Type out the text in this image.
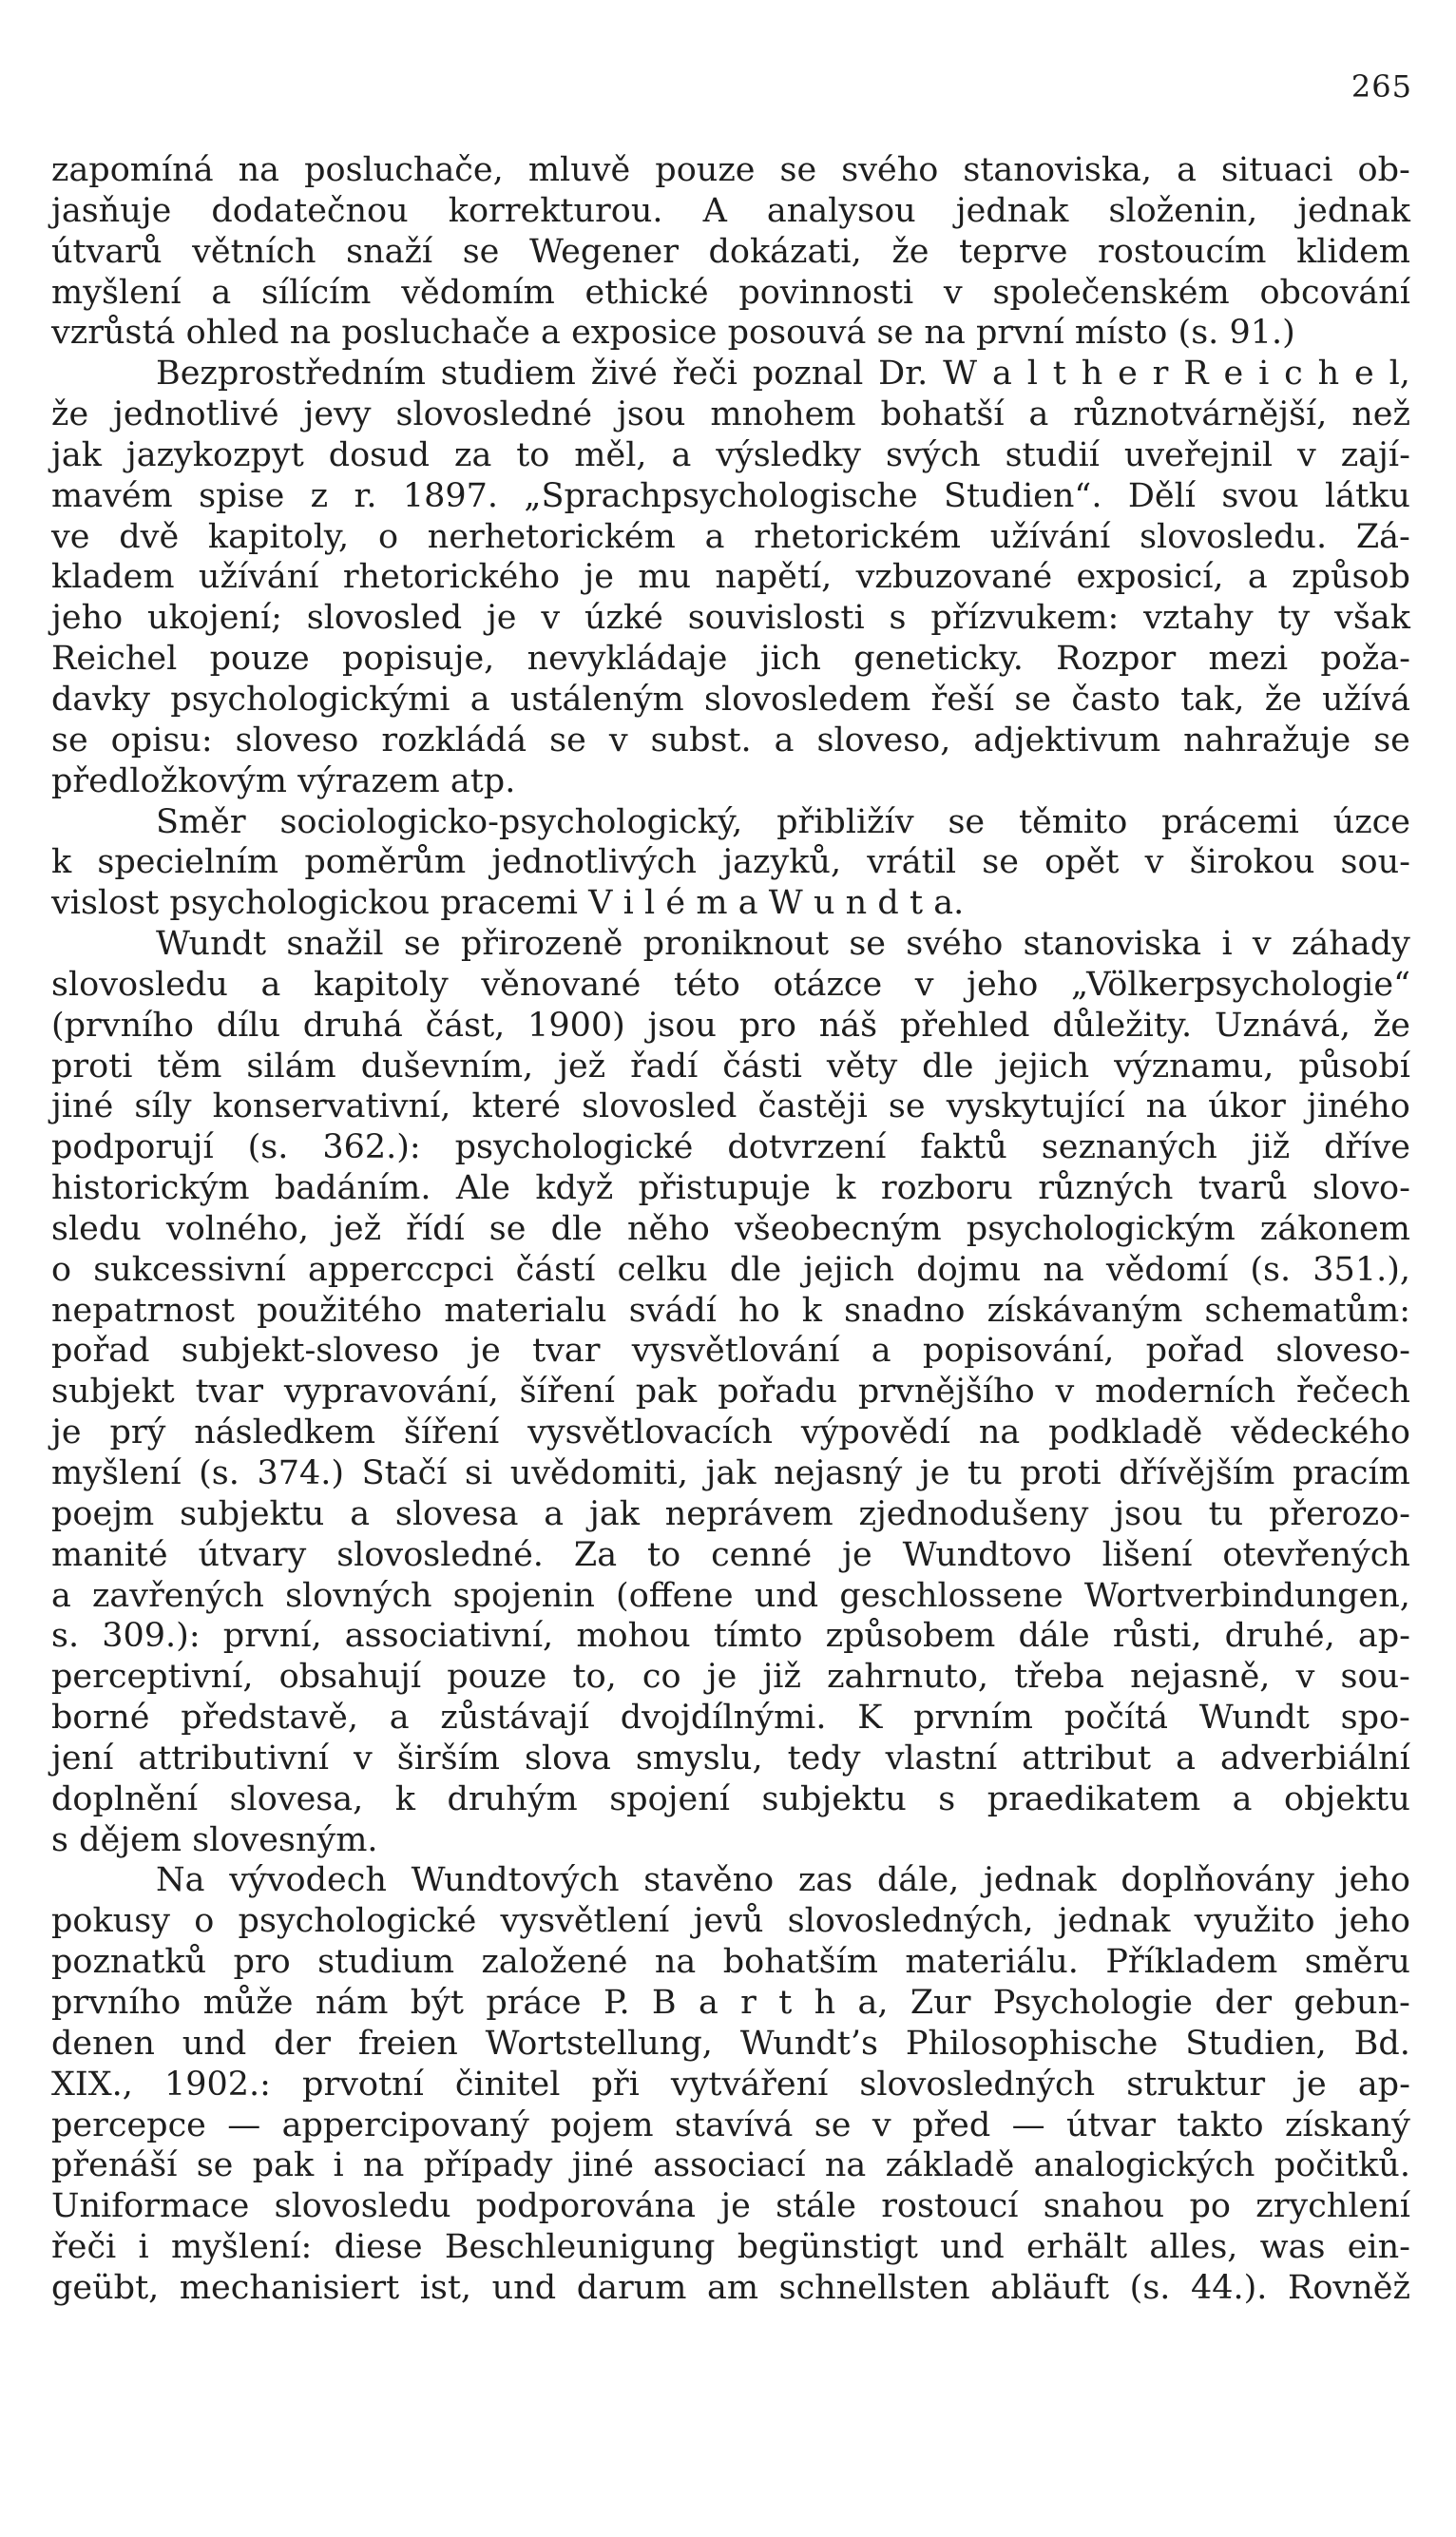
265
zapomíná na posluchače, mluvě pouze se svého stanoviska, a situaci ob-
jasňuje dodatečnou korrekturou. A analysou jednak složenin, jednak
útvarů větních snaží se Wegener dokázati, že teprve rostoucím klidem
myšlení a sílícím vědomím ethické povinnosti v společenském obcování
vzrůstá ohled na posluchače a exposice posouvá se na první místo (s. 91.)
Bezprostředním studiem živé řeči poznal Dr. W a l t h e r R e i c h e l,
že jednotlivé jevy slovosledné jsou mnohem bohatší a různotvárnější, než
jak jazykozpyt dosud za to měl, a výsledky svých studií uveřejnil v zají-
mavém spise z r. 1897. „Sprachpsychologische Studien“. Dělí svou látku
ve dvě kapitoly, o nerhetorickém a rhetorickém užívání slovosledu. Zá-
kladem užívání rhetorického je mu napětí, vzbuzované exposicí, a způsob
jeho ukojení; slovosled je v úzké souvislosti s přízvukem: vztahy ty však
Reichel pouze popisuje, nevykládaje jich geneticky. Rozpor mezi poža-
davky psychologickými a ustáleným slovosledem řeší se často tak, že užívá
se opisu: sloveso rozkládá se v subst. a sloveso, adjektivum nahražuje se
předložkovým výrazem atp.
Směr sociologicko-psychologický, přibližív se těmito prácemi úzce
k specielním poměrům jednotlivých jazyků, vrátil se opět v širokou sou-
vislost psychologickou pracemi V i l é m a W u n d t a.
Wundt snažil se přirozeně proniknout se svého stanoviska i v záhady
slovosledu a kapitoly věnované této otázce v jeho „Völkerpsychologie“
(prvního dílu druhá část, 1900) jsou pro náš přehled důležity. Uznává, že
proti těm silám duševním, jež řadí části věty dle jejich významu, působí
jiné síly konservativní, které slovosled častěji se vyskytující na úkor jiného
podporují (s. 362.): psychologické dotvrzení faktů seznaných již dříve
historickým badáním. Ale když přistupuje k rozboru různých tvarů slovo-
sledu volného, jež řídí se dle něho všeobecným psychologickým zákonem
o sukcessivní apperccpci částí celku dle jejich dojmu na vědomí (s. 351.),
nepatrnost použitého materialu svádí ho k snadno získávaným schematům:
pořad subjekt-sloveso je tvar vysvětlování a popisování, pořad sloveso-
subjekt tvar vypravování, šíření pak pořadu prvnějšího v moderních řečech
je prý následkem šíření vysvětlovacích výpovědí na podkladě vědeckého
myšlení (s. 374.) Stačí si uvědomiti, jak nejasný je tu proti dřívějším pracím
poejm subjektu a slovesa a jak neprávem zjednodušeny jsou tu přerozo-
manité útvary slovosledné. Za to cenné je Wundtovo lišení otevřených
a zavřených slovných spojenin (offene und geschlossene Wortverbindungen,
s. 309.): první, associativní, mohou tímto způsobem dále růsti, druhé, ap-
perceptivní, obsahují pouze to, co je již zahrnuto, třeba nejasně, v sou-
borné představě, a zůstávají dvojdílnými. K prvním počítá Wundt spo-
jení attributivní v širším slova smyslu, tedy vlastní attribut a adverbiální
doplnění slovesa, k druhým spojení subjektu s praedikatem a objektu
s dějem slovesným.
Na vývodech Wundtových stavěno zas dále, jednak doplňovány jeho
pokusy o psychologické vysvětlení jevů slovosledných, jednak využito jeho
poznatků pro studium založené na bohatším materiálu. Příkladem směru
prvního může nám být práce P. B a r t h a, Zur Psychologie der gebun-
denen und der freien Wortstellung, Wundt’s Philosophische Studien, Bd.
XIX., 1902.: prvotní činitel při vytváření slovosledných struktur je ap-
percepce — appercipovaný pojem stavívá se v před — útvar takto získaný
přenáší se pak i na případy jiné associací na základě analogických počitků.
Uniformace slovosledu podporována je stále rostoucí snahou po zrychlení
řeči i myšlení: diese Beschleunigung begünstigt und erhält alles, was ein-
geübt, mechanisiert ist, und darum am schnellsten abläuft (s. 44.). Rovněž
